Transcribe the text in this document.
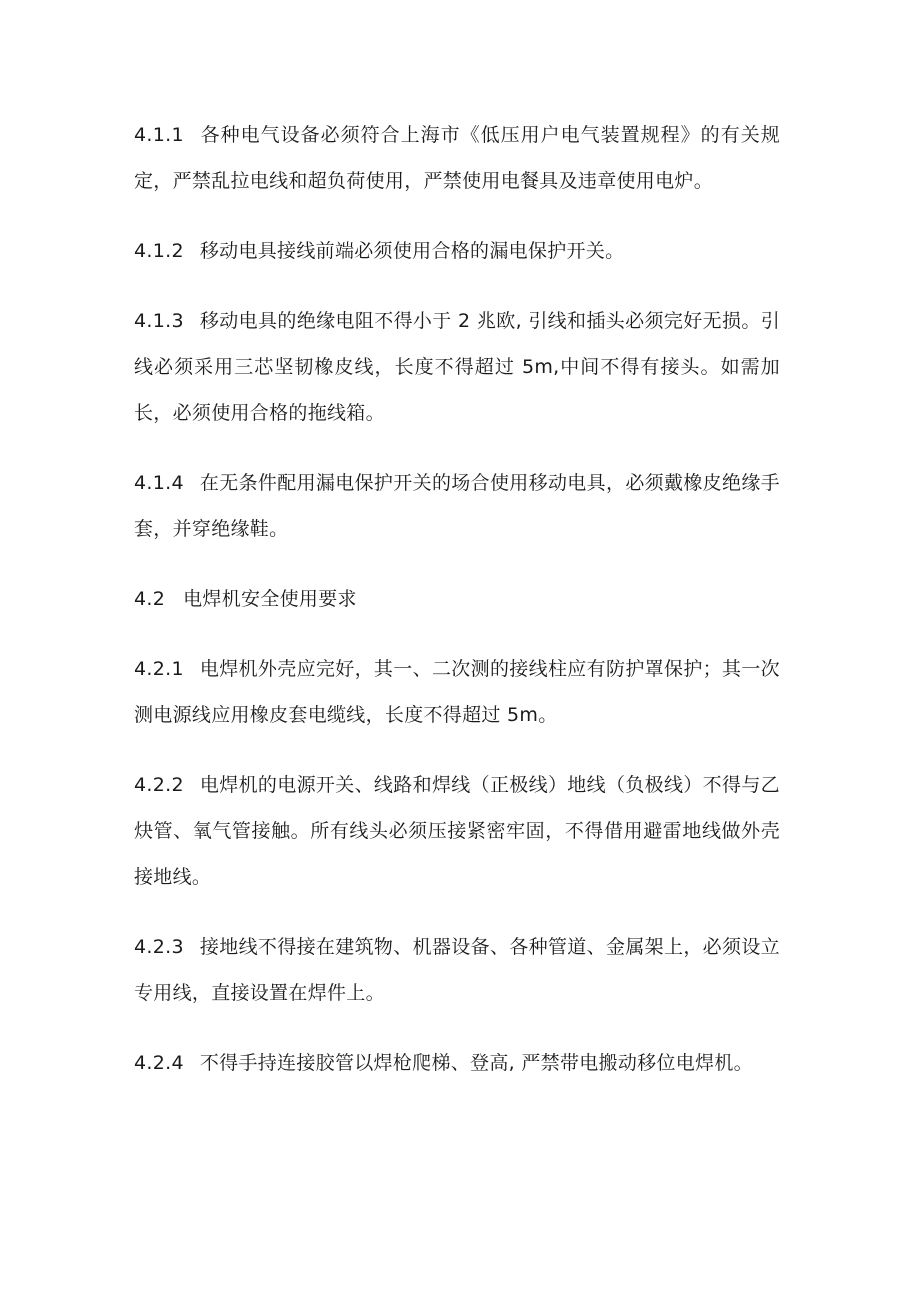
4.1.1 各种电气设备必须符合上海市《低压用户电气装置规程》的有关规定，严禁乱拉电线和超负荷使用，严禁使用电餐具及违章使用电炉。

4.1.2 移动电具接线前端必须使用合格的漏电保护开关。

4.1.3 移动电具的绝缘电阻不得小于 2 兆欧, 引线和插头必须完好无损。引线必须采用三芯坚韧橡皮线，长度不得超过 5m,中间不得有接头。如需加长，必须使用合格的拖线箱。

4.1.4 在无条件配用漏电保护开关的场合使用移动电具，必须戴橡皮绝缘手套，并穿绝缘鞋。

4.2 电焊机安全使用要求

4.2.1 电焊机外壳应完好，其一、二次测的接线柱应有防护罩保护；其一次测电源线应用橡皮套电缆线，长度不得超过 5m。

4.2.2 电焊机的电源开关、线路和焊线（正极线）地线（负极线）不得与乙炔管、氧气管接触。所有线头必须压接紧密牢固，不得借用避雷地线做外壳接地线。

4.2.3 接地线不得接在建筑物、机器设备、各种管道、金属架上，必须设立专用线，直接设置在焊件上。

4.2.4 不得手持连接胶管以焊枪爬梯、登高, 严禁带电搬动移位电焊机。
